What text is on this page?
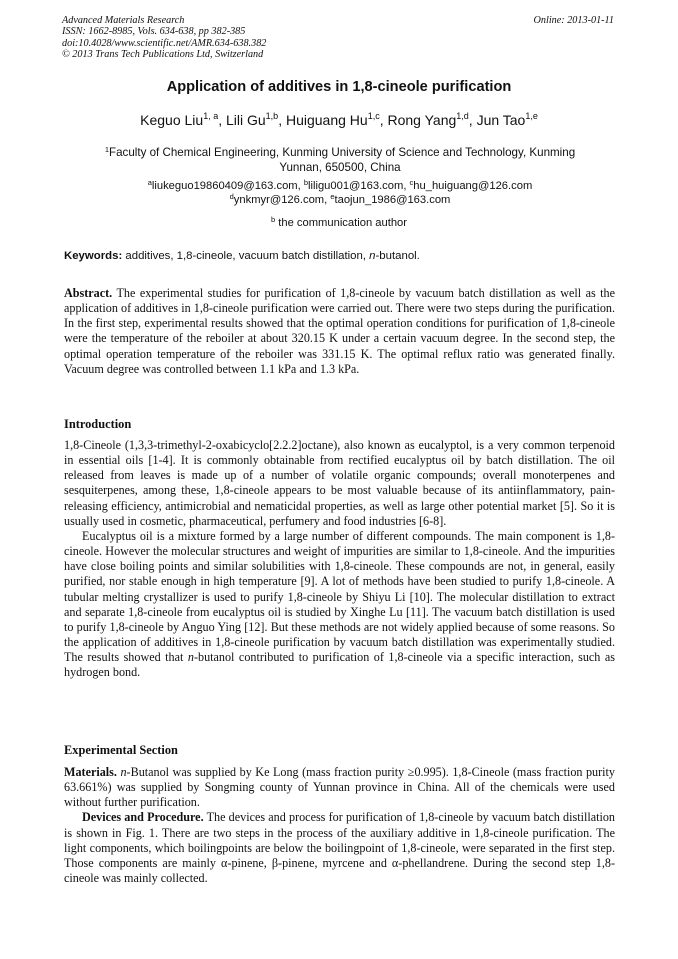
Advanced Materials Research
ISSN: 1662-8985, Vols. 634-638, pp 382-385
doi:10.4028/www.scientific.net/AMR.634-638.382
© 2013 Trans Tech Publications Ltd, Switzerland
Online: 2013-01-11
Application of additives in 1,8-cineole purification
Keguo Liu$^{1, a}$, Lili Gu$^{1,b}$, Huiguang Hu$^{1,c}$, Rong Yang$^{1,d}$, Jun Tao$^{1,e}$
$^1$Faculty of Chemical Engineering, Kunming University of Science and Technology, Kunming
Yunnan, 650500, China
$^a$liukeguo19860409@163.com, $^b$liligu001@163.com, $^c$hu_huiguang@126.com
$^d$ynkmyr@126.com, $^e$taojun_1986@163.com
$^b$ the communication author
Keywords: additives, 1,8-cineole, vacuum batch distillation, n-butanol.

Abstract. The experimental studies for purification of 1,8-cineole by vacuum batch distillation as well as the application of additives in 1,8-cineole purification were carried out. There were two steps during the purification. In the first step, experimental results showed that the optimal operation conditions for purification of 1,8-cineole were the temperature of the reboiler at about 320.15 K under a certain vacuum degree. In the second step, the optimal operation temperature of the reboiler was 331.15 K. The optimal reflux ratio was generated finally. Vacuum degree was controlled between 1.1 kPa and 1.3 kPa.

Introduction

1,8-Cineole (1,3,3-trimethyl-2-oxabicyclo[2.2.2]octane), also known as eucalyptol, is a very common terpenoid in essential oils [1-4]. It is commonly obtainable from rectified eucalyptus oil by batch distillation. The oil released from leaves is made up of a number of volatile organic compounds; overall monoterpenes and sesquiterpenes, among these, 1,8-cineole appears to be most valuable because of its antiinflammatory, pain-releasing efficiency, antimicrobial and nematicidal properties, as well as large other potential market [5]. So it is usually used in cosmetic, pharmaceutical, perfumery and food industries [6-8].

Eucalyptus oil is a mixture formed by a large number of different compounds. The main component is 1,8-cineole. However the molecular structures and weight of impurities are similar to 1,8-cineole. And the impurities have close boiling points and similar solubilities with 1,8-cineole. These compounds are not, in general, easily purified, nor stable enough in high temperature [9]. A lot of methods have been studied to purify 1,8-cineole. A tubular melting crystallizer is used to purify 1,8-cineole by Shiyu Li [10]. The molecular distillation to extract and separate 1,8-cineole from eucalyptus oil is studied by Xinghe Lu [11]. The vacuum batch distillation is used to purify 1,8-cineole by Anguo Ying [12]. But these methods are not widely applied because of some reasons. So the application of additives in 1,8-cineole purification by vacuum batch distillation was experimentally studied. The results showed that n-butanol contributed to purification of 1,8-cineole via a specific interaction, such as hydrogen bond.

Experimental Section

Materials. n-Butanol was supplied by Ke Long (mass fraction purity ≥0.995). 1,8-Cineole (mass fraction purity 63.661%) was supplied by Songming county of Yunnan province in China. All of the chemicals were used without further purification.

Devices and Procedure. The devices and process for purification of 1,8-cineole by vacuum batch distillation is shown in Fig. 1. There are two steps in the process of the auxiliary additive in 1,8-cineole purification. The light components, which boilingpoints are below the boilingpoint of 1,8-cineole, were separated in the first step. Those components are mainly α-pinene, β-pinene, myrcene and α-phellandrene. During the second step 1,8-cineole was mainly collected.
